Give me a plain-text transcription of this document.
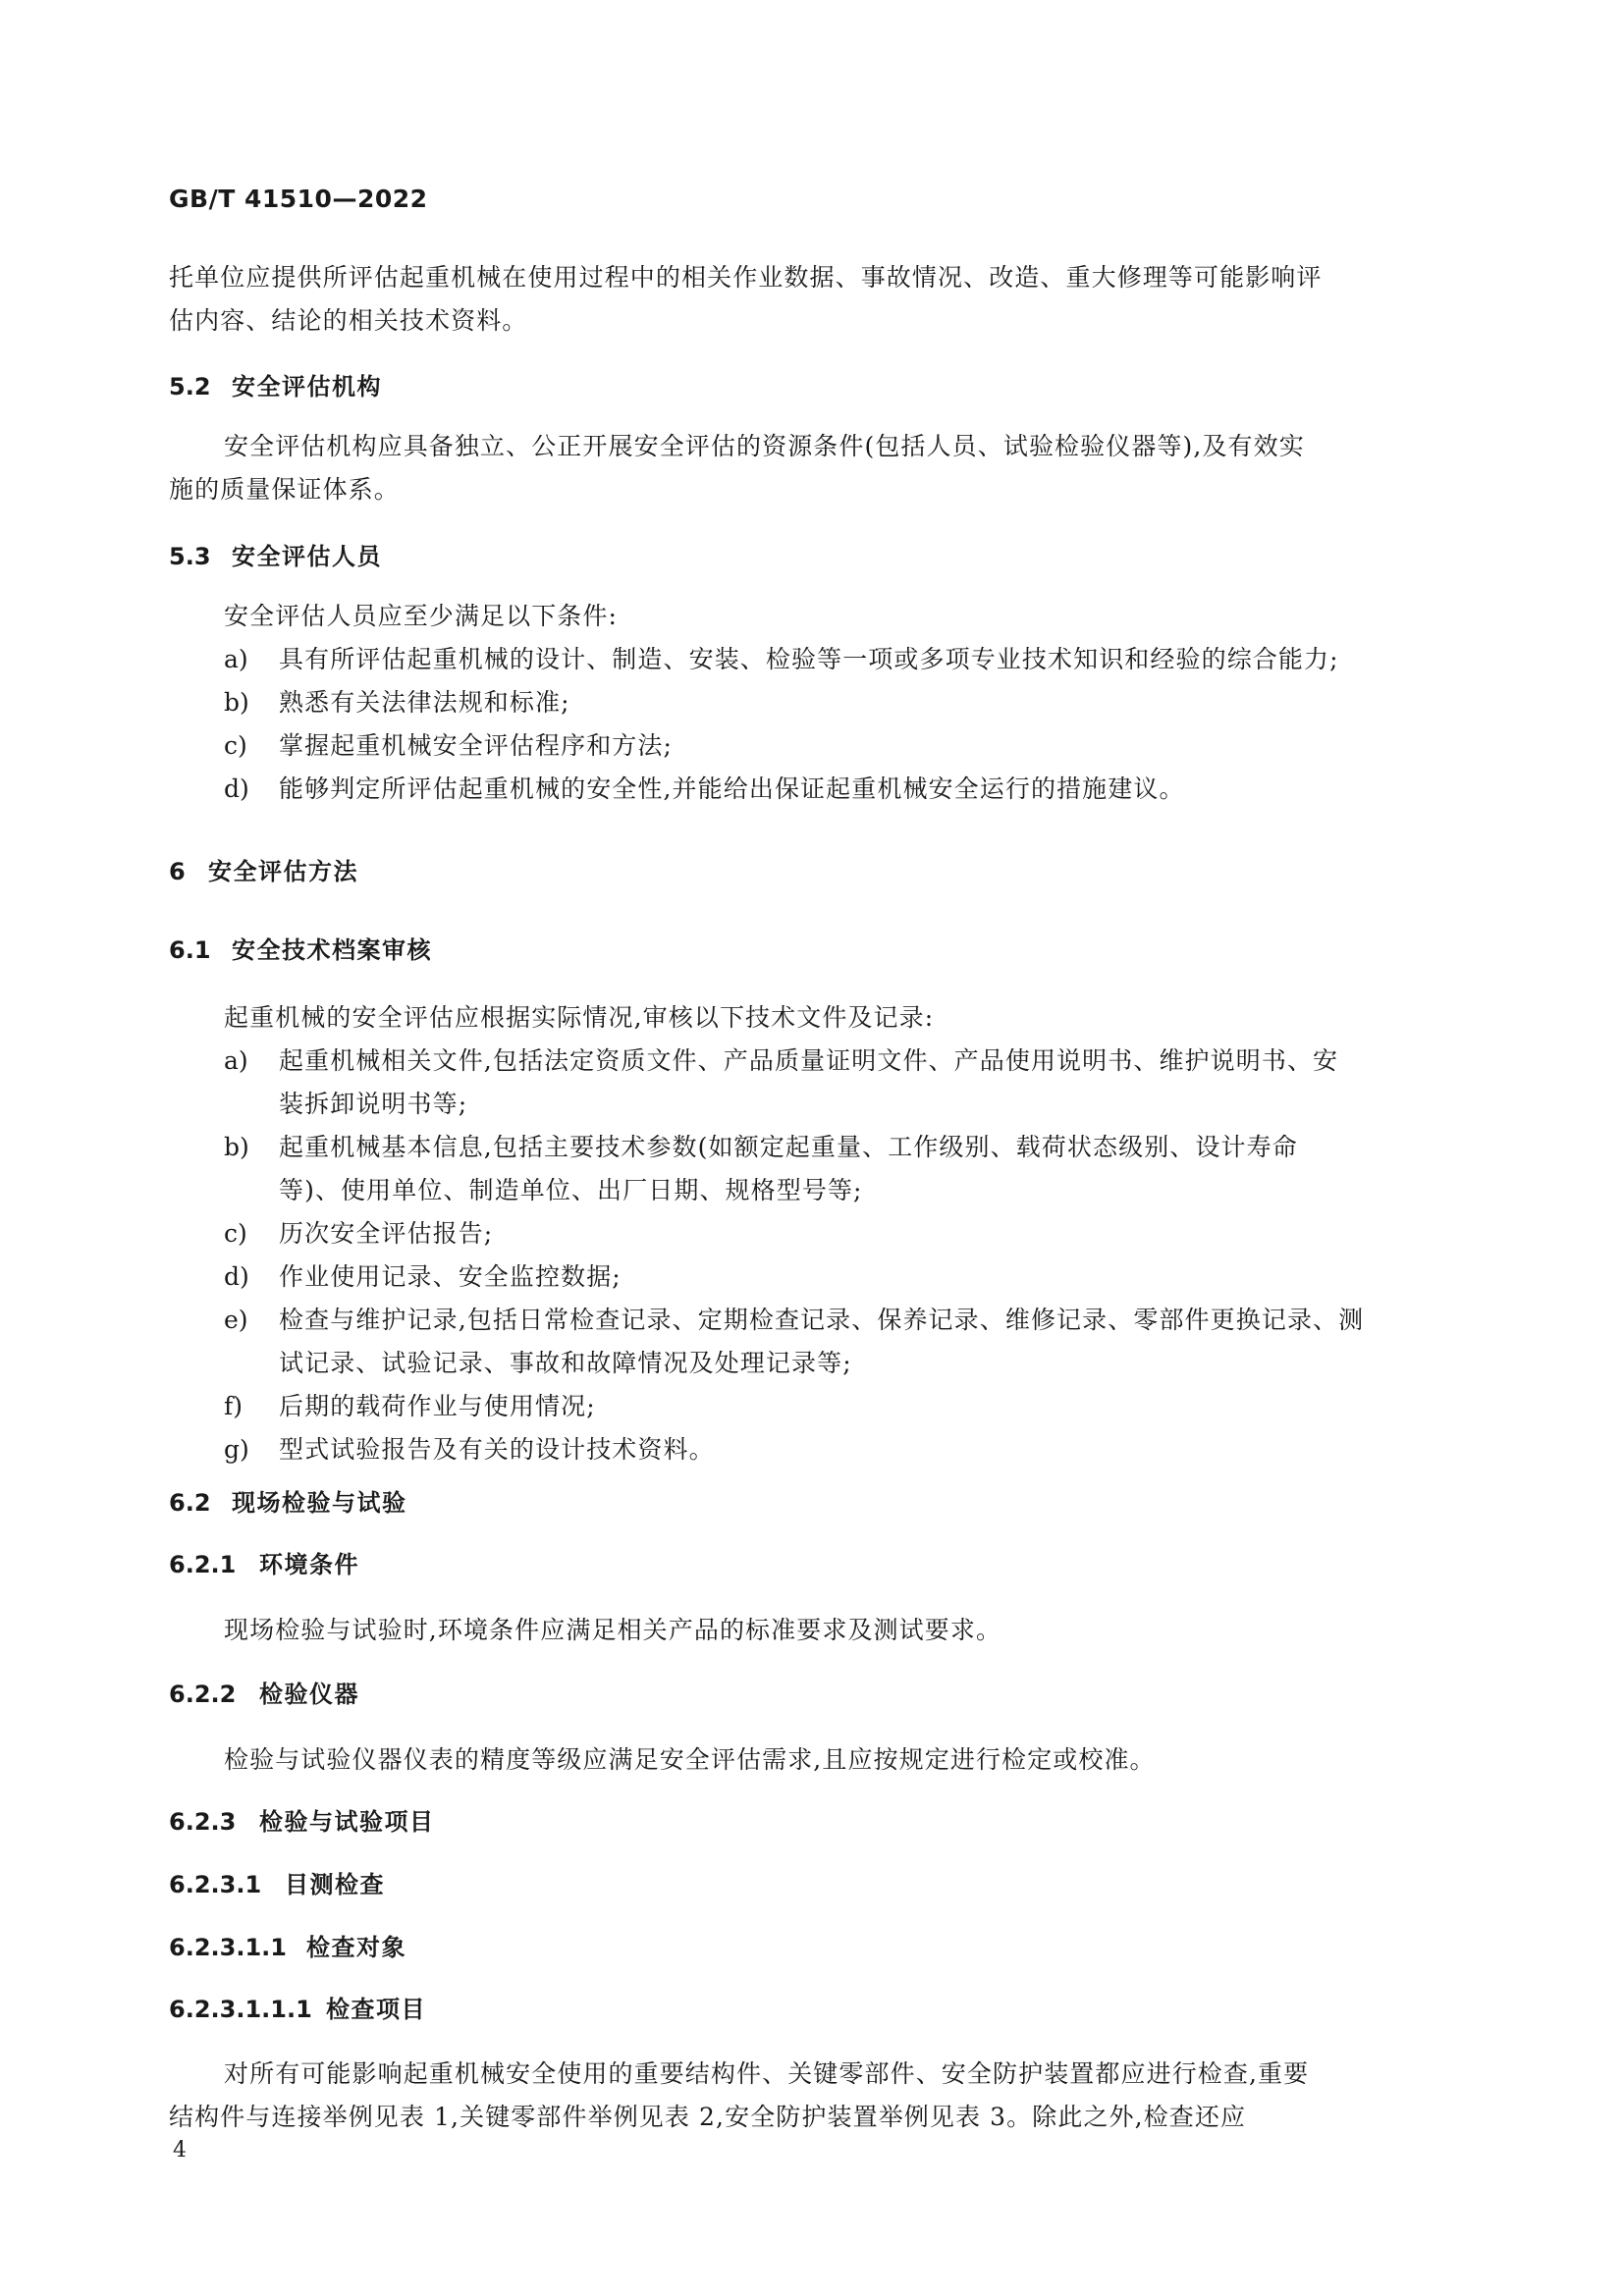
GB/T 41510—2022
托单位应提供所评估起重机械在使用过程中的相关作业数据、事故情况、改造、重大修理等可能影响评
估内容、结论的相关技术资料。
5.2 安全评估机构
安全评估机构应具备独立、公正开展安全评估的资源条件(包括人员、试验检验仪器等),及有效实
施的质量保证体系。
5.3 安全评估人员
安全评估人员应至少满足以下条件:
a) 具有所评估起重机械的设计、制造、安装、检验等一项或多项专业技术知识和经验的综合能力;
b) 熟悉有关法律法规和标准;
c) 掌握起重机械安全评估程序和方法;
d) 能够判定所评估起重机械的安全性,并能给出保证起重机械安全运行的措施建议。
6 安全评估方法
6.1 安全技术档案审核
起重机械的安全评估应根据实际情况,审核以下技术文件及记录:
a) 起重机械相关文件,包括法定资质文件、产品质量证明文件、产品使用说明书、维护说明书、安
装拆卸说明书等;
b) 起重机械基本信息,包括主要技术参数(如额定起重量、工作级别、载荷状态级别、设计寿命
等)、使用单位、制造单位、出厂日期、规格型号等;
c) 历次安全评估报告;
d) 作业使用记录、安全监控数据;
e) 检查与维护记录,包括日常检查记录、定期检查记录、保养记录、维修记录、零部件更换记录、测
试记录、试验记录、事故和故障情况及处理记录等;
f) 后期的载荷作业与使用情况;
g) 型式试验报告及有关的设计技术资料。
6.2 现场检验与试验
6.2.1 环境条件
现场检验与试验时,环境条件应满足相关产品的标准要求及测试要求。
6.2.2 检验仪器
检验与试验仪器仪表的精度等级应满足安全评估需求,且应按规定进行检定或校准。
6.2.3 检验与试验项目
6.2.3.1 目测检查
6.2.3.1.1 检查对象
6.2.3.1.1.1 检查项目
对所有可能影响起重机械安全使用的重要结构件、关键零部件、安全防护装置都应进行检查,重要
结构件与连接举例见表 1,关键零部件举例见表 2,安全防护装置举例见表 3。除此之外,检查还应
4
